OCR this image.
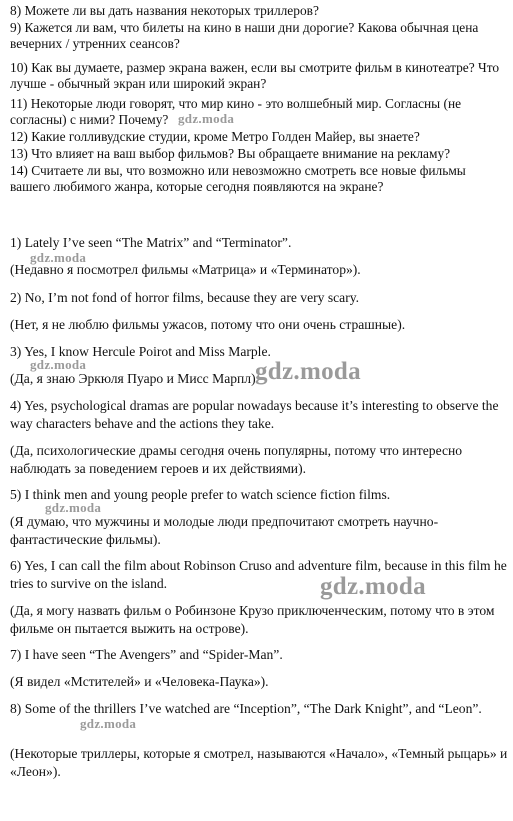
8) Можете ли вы дать названия некоторых триллеров?

9) Кажется ли вам, что билеты на кино в наши дни дорогие? Какова обычная цена вечерних / утренних сеансов?

10) Как вы думаете, размер экрана важен, если вы смотрите фильм в кинотеатре? Что лучше - обычный экран или широкий экран?

11) Некоторые люди говорят, что мир кино - это волшебный мир. Согласны (не согласны) с ними? Почему?

12) Какие голливудские студии, кроме Метро Голден Майер, вы знаете?

13) Что влияет на ваш выбор фильмов? Вы обращаете внимание на рекламу?

14) Считаете ли вы, что возможно или невозможно смотреть все новые фильмы вашего любимого жанра, которые сегодня появляются на экране?

1) Lately I’ve seen “The Matrix” and “Terminator”.

(Недавно я посмотрел фильмы «Матрица» и «Терминатор»).

2) No, I’m not fond of horror films, because they are very scary.

(Нет, я не люблю фильмы ужасов, потому что они очень страшные).

3) Yes, I know Hercule Poirot and Miss Marple.

(Да, я знаю Эркюля Пуаро и Мисс Марпл).

4) Yes, psychological dramas are popular nowadays because it’s interesting to observe the way characters behave and the actions they take.

(Да, психологические драмы сегодня очень популярны, потому что интересно наблюдать за поведением героев и их действиями).

5) I think men and young people prefer to watch science fiction films.

(Я думаю, что мужчины и молодые люди предпочитают смотреть научно-фантастические фильмы).

6) Yes, I can call the film about Robinson Cruso and adventure film, because in this film he tries to survive on the island.

(Да, я могу назвать фильм о Робинзоне Крузо приключенческим, потому что в этом фильме он пытается выжить на острове).

7) I have seen “The Avengers” and “Spider-Man”.

(Я видел «Мстителей» и «Человека-Паука»).

8) Some of the thrillers I’ve watched are “Inception”, “The Dark Knight”, and “Leon”.

(Некоторые триллеры, которые я смотрел, называются «Начало», «Темный рыцарь» и «Леон»).

gdz.moda
gdz.moda
gdz.moda	gdz.moda
gdz.moda
gdz.moda
gdz.moda
